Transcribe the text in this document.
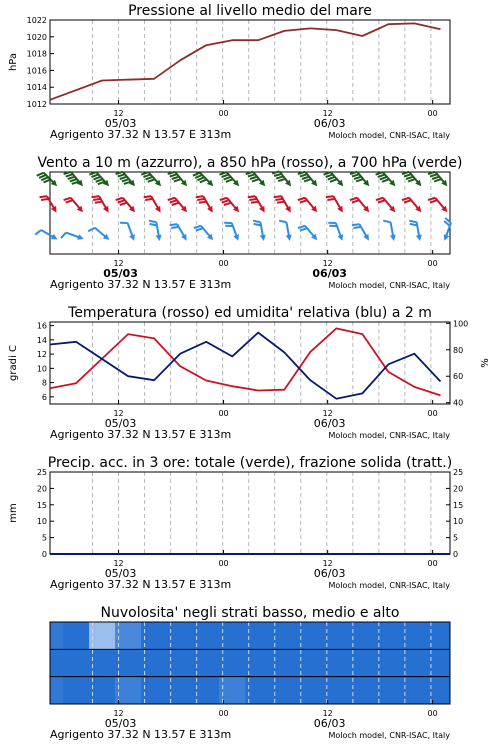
Pressione al livello medio del mare
12	00	12	00
05/03	06/03
Agrigento 37.32 N 13.57 E 313m	Moloch model, CNR-ISAC, Italy
1012
1014
1016
1018
1020
1022
hPa
Vento a 10 m (azzurro), a 850 hPa (rosso), a 700 hPa (verde)
12	00	12	00
05/03	06/03
Agrigento 37.32 N 13.57 E 313m	Moloch model, CNR-ISAC, Italy
Temperatura (rosso) ed umidita' relativa (blu) a 2 m
12	00	12	00
05/03	06/03
Agrigento 37.32 N 13.57 E 313m	Moloch model, CNR-ISAC, Italy
6
8
10
12
14
16
40
60
80
100
gradi C	%
Precip. acc. in 3 ore: totale (verde), frazione solida (tratt.)
12	00	12	00
05/03	06/03
Agrigento 37.32 N 13.57 E 313m	Moloch model, CNR-ISAC, Italy
0
5
10
15
20
25
0
5
10
15
20
25
mm
Nuvolosita' negli strati basso, medio e alto
12	00	12	00
05/03	06/03
Agrigento 37.32 N 13.57 E 313m	Moloch model, CNR-ISAC, Italy
